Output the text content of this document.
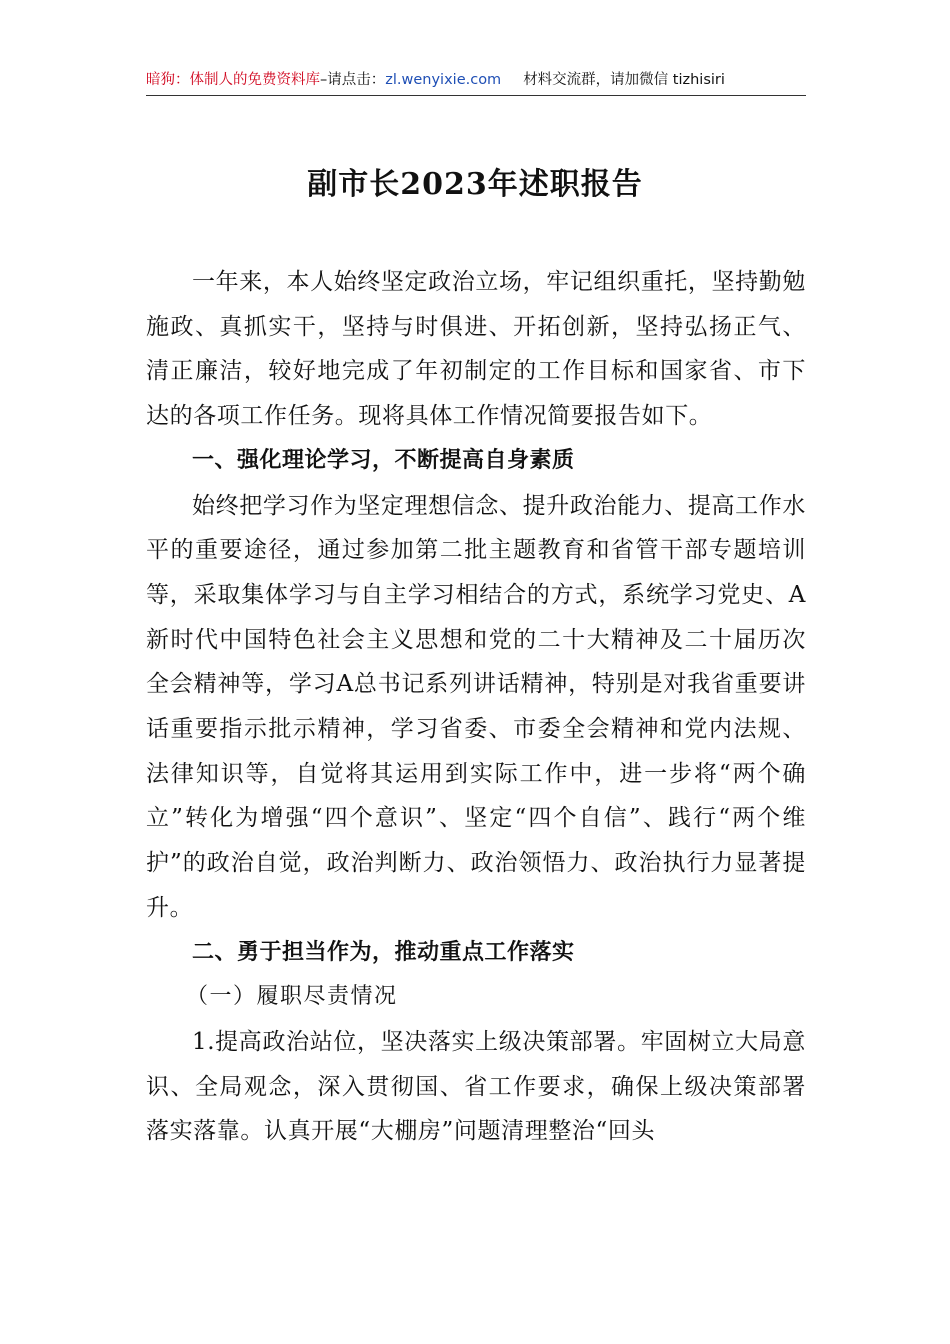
暗狗：体制人的免费资料库–请点击：zl.wenyixie.com 材料交流群，请加微信 tizhisiri
副市长2023年述职报告

一年来，本人始终坚定政治立场，牢记组织重托，坚持勤勉施政、真抓实干，坚持与时俱进、开拓创新，坚持弘扬正气、清正廉洁，较好地完成了年初制定的工作目标和国家省、市下达的各项工作任务。现将具体工作情况简要报告如下。

一、强化理论学习，不断提高自身素质

始终把学习作为坚定理想信念、提升政治能力、提高工作水平的重要途径，通过参加第二批主题教育和省管干部专题培训等，采取集体学习与自主学习相结合的方式，系统学习党史、A新时代中国特色社会主义思想和党的二十大精神及二十届历次全会精神等，学习A总书记系列讲话精神，特别是对我省重要讲话重要指示批示精神，学习省委、市委全会精神和党内法规、法律知识等，自觉将其运用到实际工作中，进一步将“两个确立”转化为增强“四个意识”、坚定“四个自信”、践行“两个维护”的政治自觉，政治判断力、政治领悟力、政治执行力显著提升。

二、勇于担当作为，推动重点工作落实

（一）履职尽责情况

1.提高政治站位，坚决落实上级决策部署。牢固树立大局意识、全局观念，深入贯彻国、省工作要求，确保上级决策部署落实落靠。认真开展“大棚房”问题清理整治“回头
